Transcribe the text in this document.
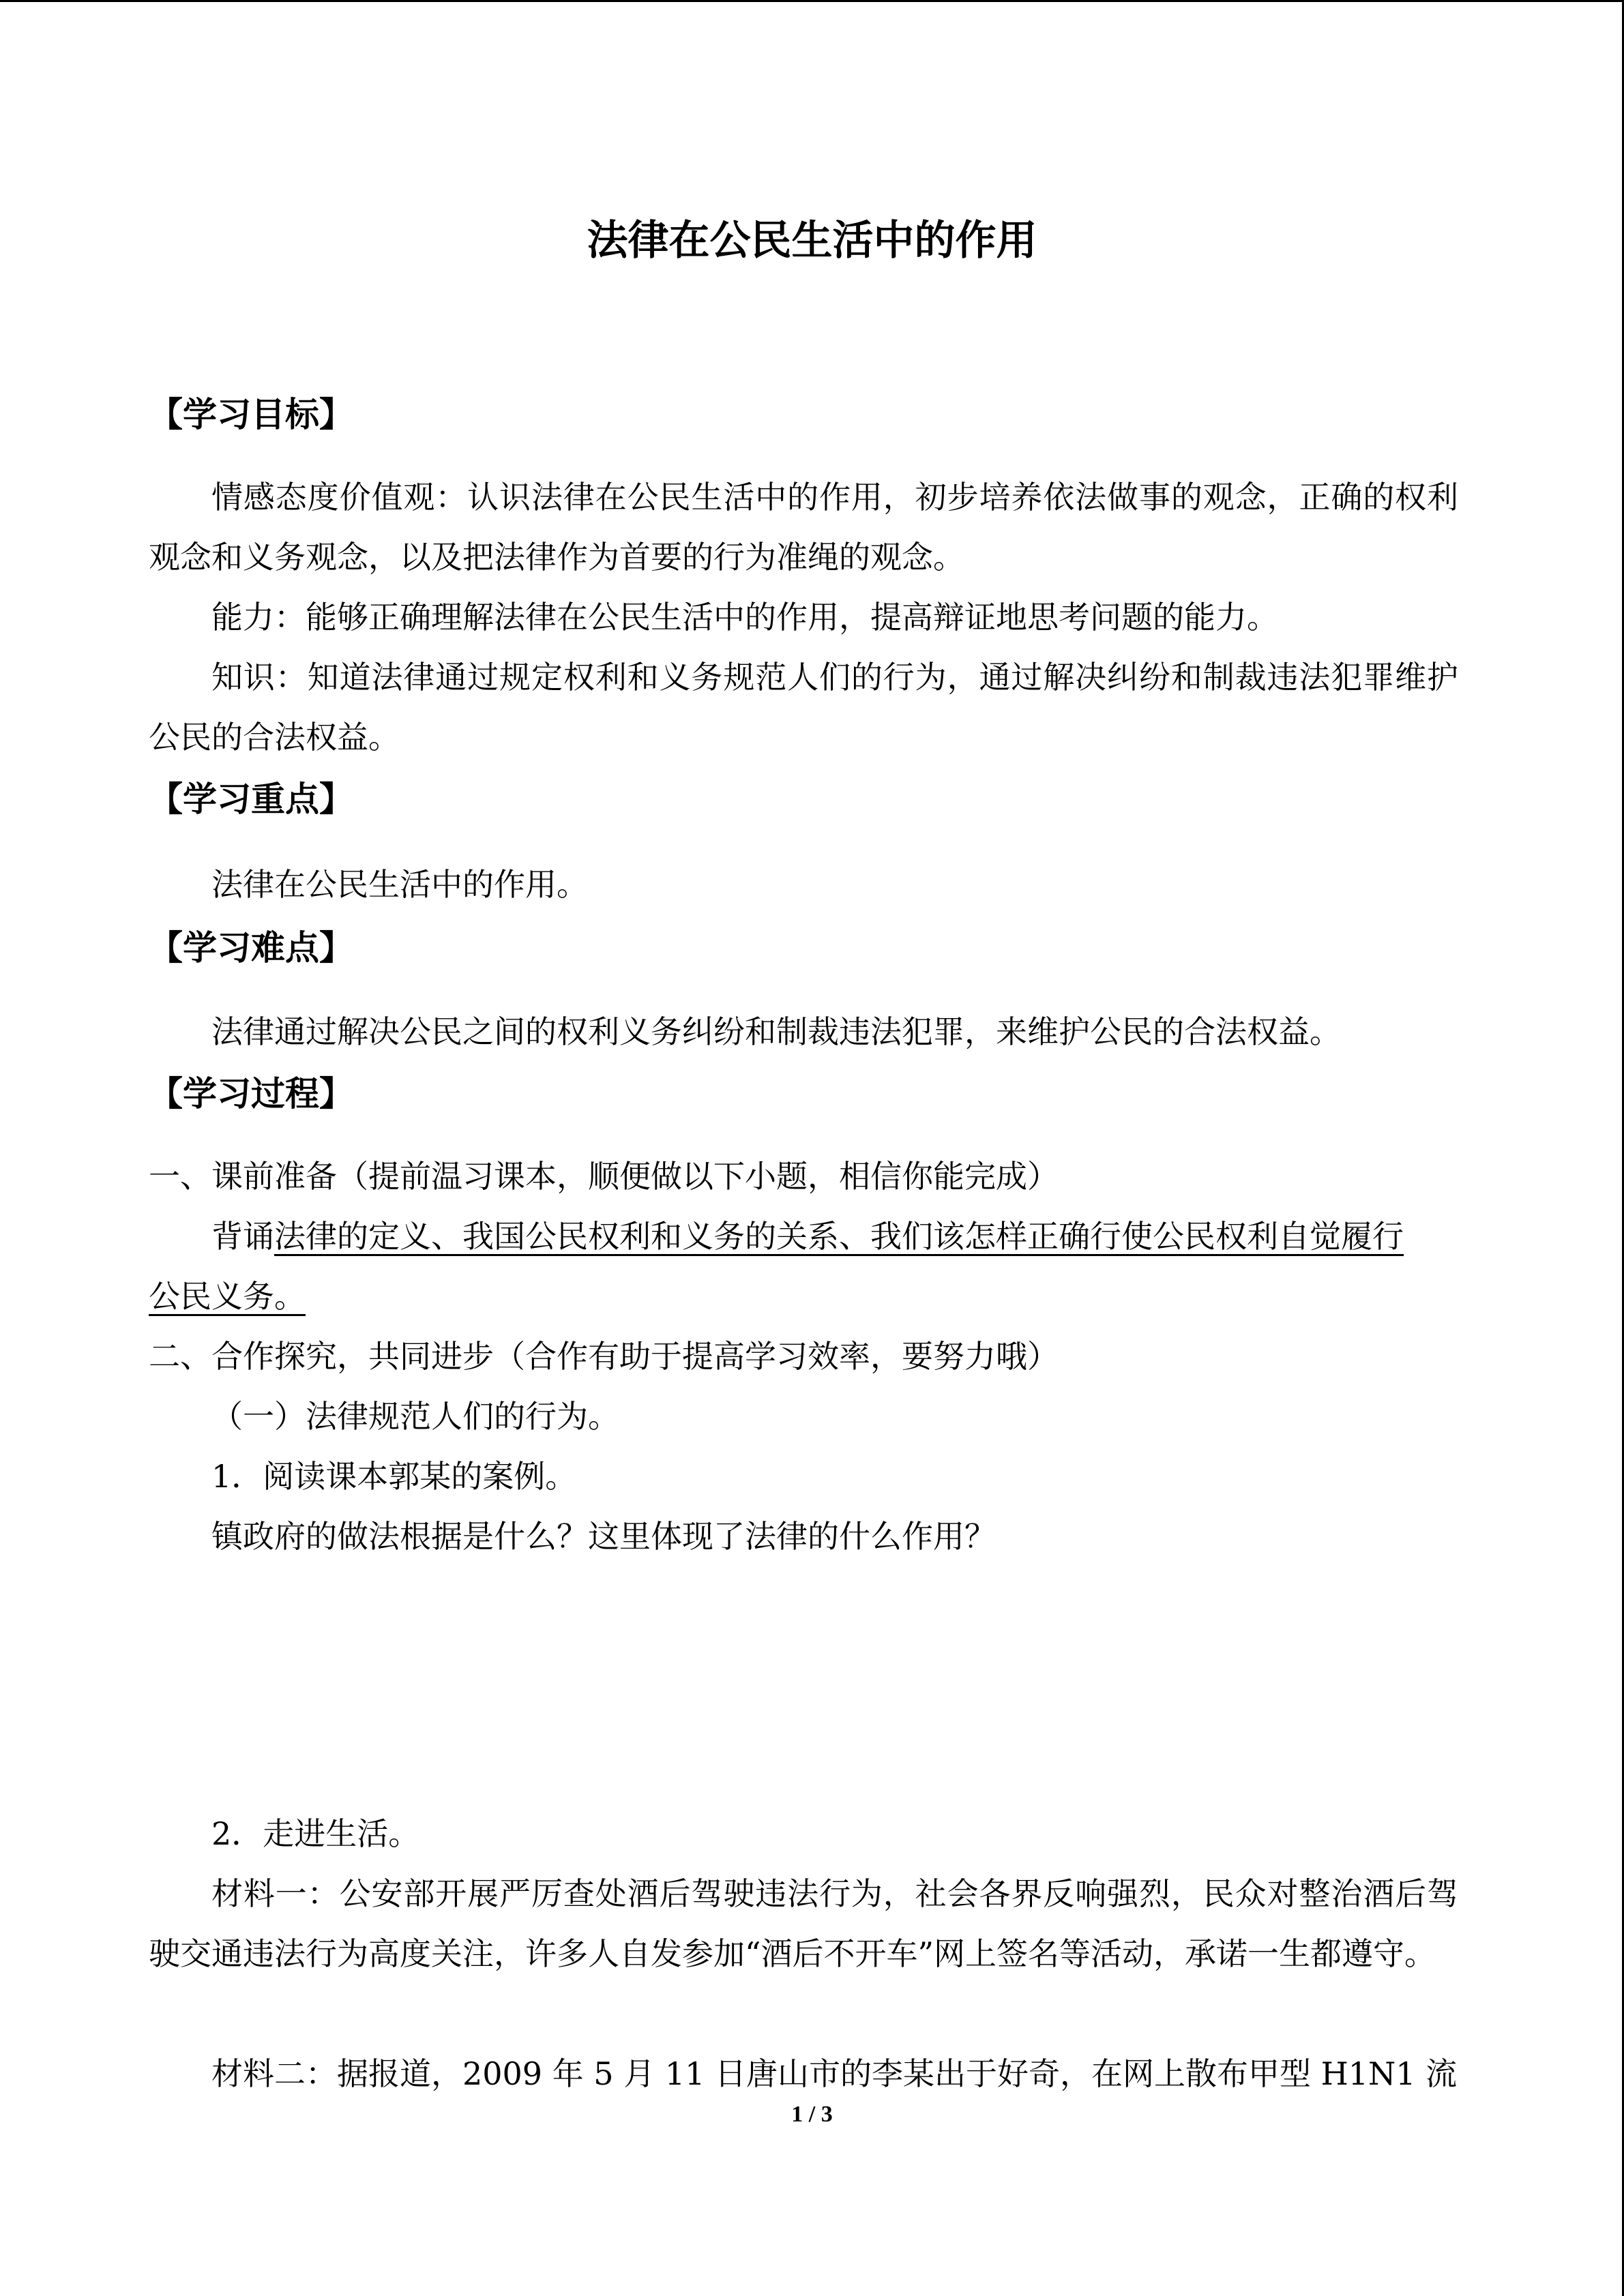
法律在公民生活中的作用
【学习目标】
情感态度价值观：认识法律在公民生活中的作用，初步培养依法做事的观念，正确的权利观念和义务观念，以及把法律作为首要的行为准绳的观念。
能力：能够正确理解法律在公民生活中的作用，提高辩证地思考问题的能力。
知识：知道法律通过规定权利和义务规范人们的行为，通过解决纠纷和制裁违法犯罪维护公民的合法权益。
【学习重点】
法律在公民生活中的作用。
【学习难点】
法律通过解决公民之间的权利义务纠纷和制裁违法犯罪，来维护公民的合法权益。
【学习过程】
一、课前准备（提前温习课本，顺便做以下小题，相信你能完成）
背诵法律的定义、我国公民权利和义务的关系、我们该怎样正确行使公民权利自觉履行
公民义务。
二、合作探究，共同进步（合作有助于提高学习效率，要努力哦）
（一）法律规范人们的行为。
1．阅读课本郭某的案例。
镇政府的做法根据是什么？这里体现了法律的什么作用？
2．走进生活。
材料一：公安部开展严厉查处酒后驾驶违法行为，社会各界反响强烈，民众对整治酒后驾驶交通违法行为高度关注，许多人自发参加“酒后不开车”网上签名等活动，承诺一生都遵守。
材料二：据报道，2009 年 5 月 11 日唐山市的李某出于好奇，在网上散布甲型 H1N1 流
1 / 3
